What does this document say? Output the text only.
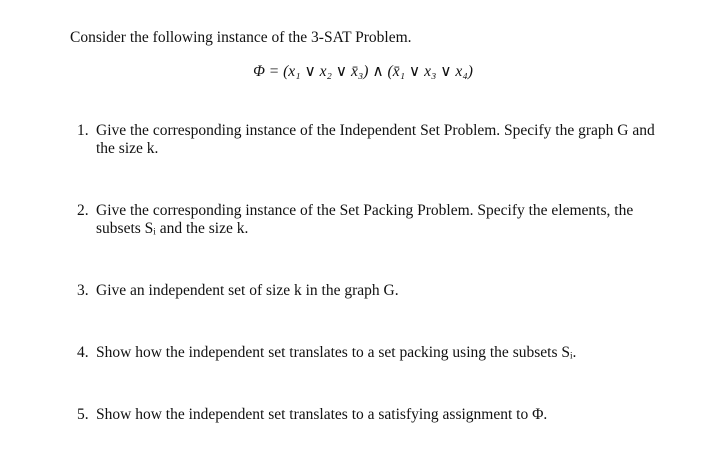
Consider the following instance of the 3-SAT Problem.
Φ = (x₁ ∨ x₂ ∨ x̄₃) ∧ (x̄₁ ∨ x₃ ∨ x₄)
1. Give the corresponding instance of the Independent Set Problem. Specify the graph G and the size k.
2. Give the corresponding instance of the Set Packing Problem. Specify the elements, the subsets Sᵢ and the size k.
3. Give an independent set of size k in the graph G.
4. Show how the independent set translates to a set packing using the subsets Sᵢ.
5. Show how the independent set translates to a satisfying assignment to Φ.
